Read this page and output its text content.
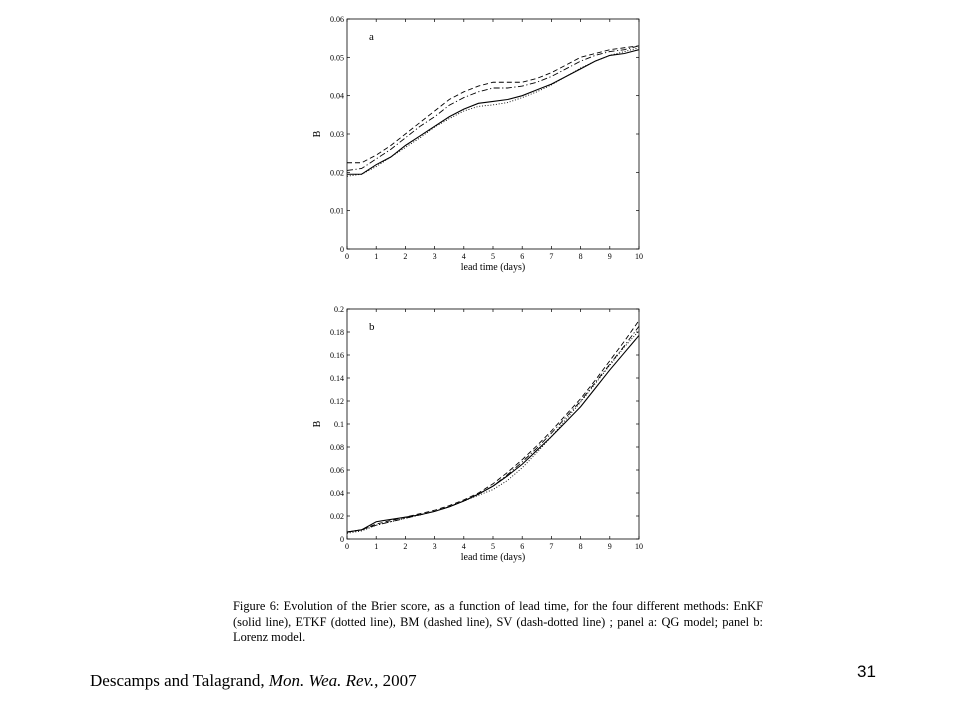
0	1	2	3	4	5	6	7	8	9	10
0
0.01
0.02
0.03
0.04
0.05
0.06
lead time (days)
B
a
0	1	2	3	4	5	6	7	8	9	10
0
0.02
0.04
0.06
0.08
0.1
0.12
0.14
0.16
0.18
0.2
lead time (days)
B
b
Figure 6: Evolution of the Brier score, as a function of lead time, for the four different methods: EnKF (solid line), ETKF (dotted line), BM (dashed line), SV (dash-dotted line) ; panel a: QG model; panel b: Lorenz model.
Descamps and Talagrand, Mon. Wea. Rev., 2007	31
